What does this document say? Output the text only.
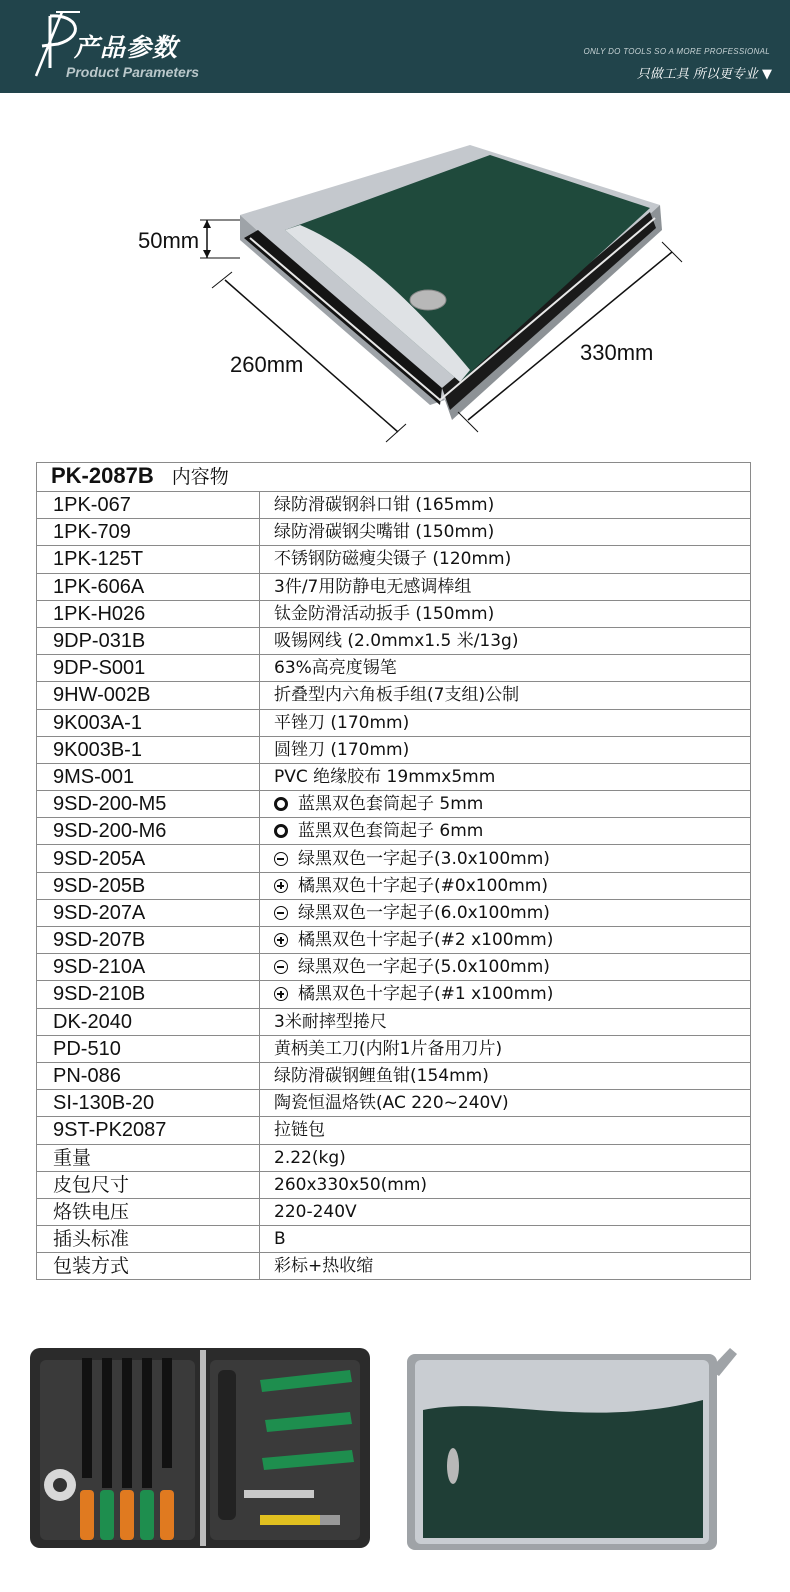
产品参数
Product Parameters
ONLY DO TOOLS SO A MORE PROFESSIONAL
只做工具 所以更专业 ▼
50mm
260mm	330mm
PK-2087B 内容物	
1PK-067	绿防滑碳钢斜口钳 (165mm)
1PK-709	绿防滑碳钢尖嘴钳 (150mm)
1PK-125T	不锈钢防磁瘦尖镊子 (120mm)
1PK-606A	3件/7用防静电无感调棒组
1PK-H026	钛金防滑活动扳手 (150mm)
9DP-031B	吸锡网线 (2.0mmx1.5 米/13g)
9DP-S001	63%高亮度锡笔
9HW-002B	折叠型内六角板手组(7支组)公制
9K003A-1	平锉刀 (170mm)
9K003B-1	圆锉刀 (170mm)
9MS-001	PVC 绝缘胶布 19mmx5mm
9SD-200-M5	蓝黑双色套筒起子 5mm
9SD-200-M6	蓝黑双色套筒起子 6mm
9SD-205A	绿黑双色一字起子(3.0x100mm)
9SD-205B	橘黑双色十字起子(#0x100mm)
9SD-207A	绿黑双色一字起子(6.0x100mm)
9SD-207B	橘黑双色十字起子(#2 x100mm)
9SD-210A	绿黑双色一字起子(5.0x100mm)
9SD-210B	橘黑双色十字起子(#1 x100mm)
DK-2040	3米耐摔型捲尺
PD-510	黄柄美工刀(内附1片备用刀片)
PN-086	绿防滑碳钢鲤鱼钳(154mm)
SI-130B-20	陶瓷恒温烙铁(AC 220~240V)
9ST-PK2087	拉链包
重量	2.22(kg)
皮包尺寸	260x330x50(mm)
烙铁电压	220-240V
插头标准	B
包装方式	彩标+热收缩
